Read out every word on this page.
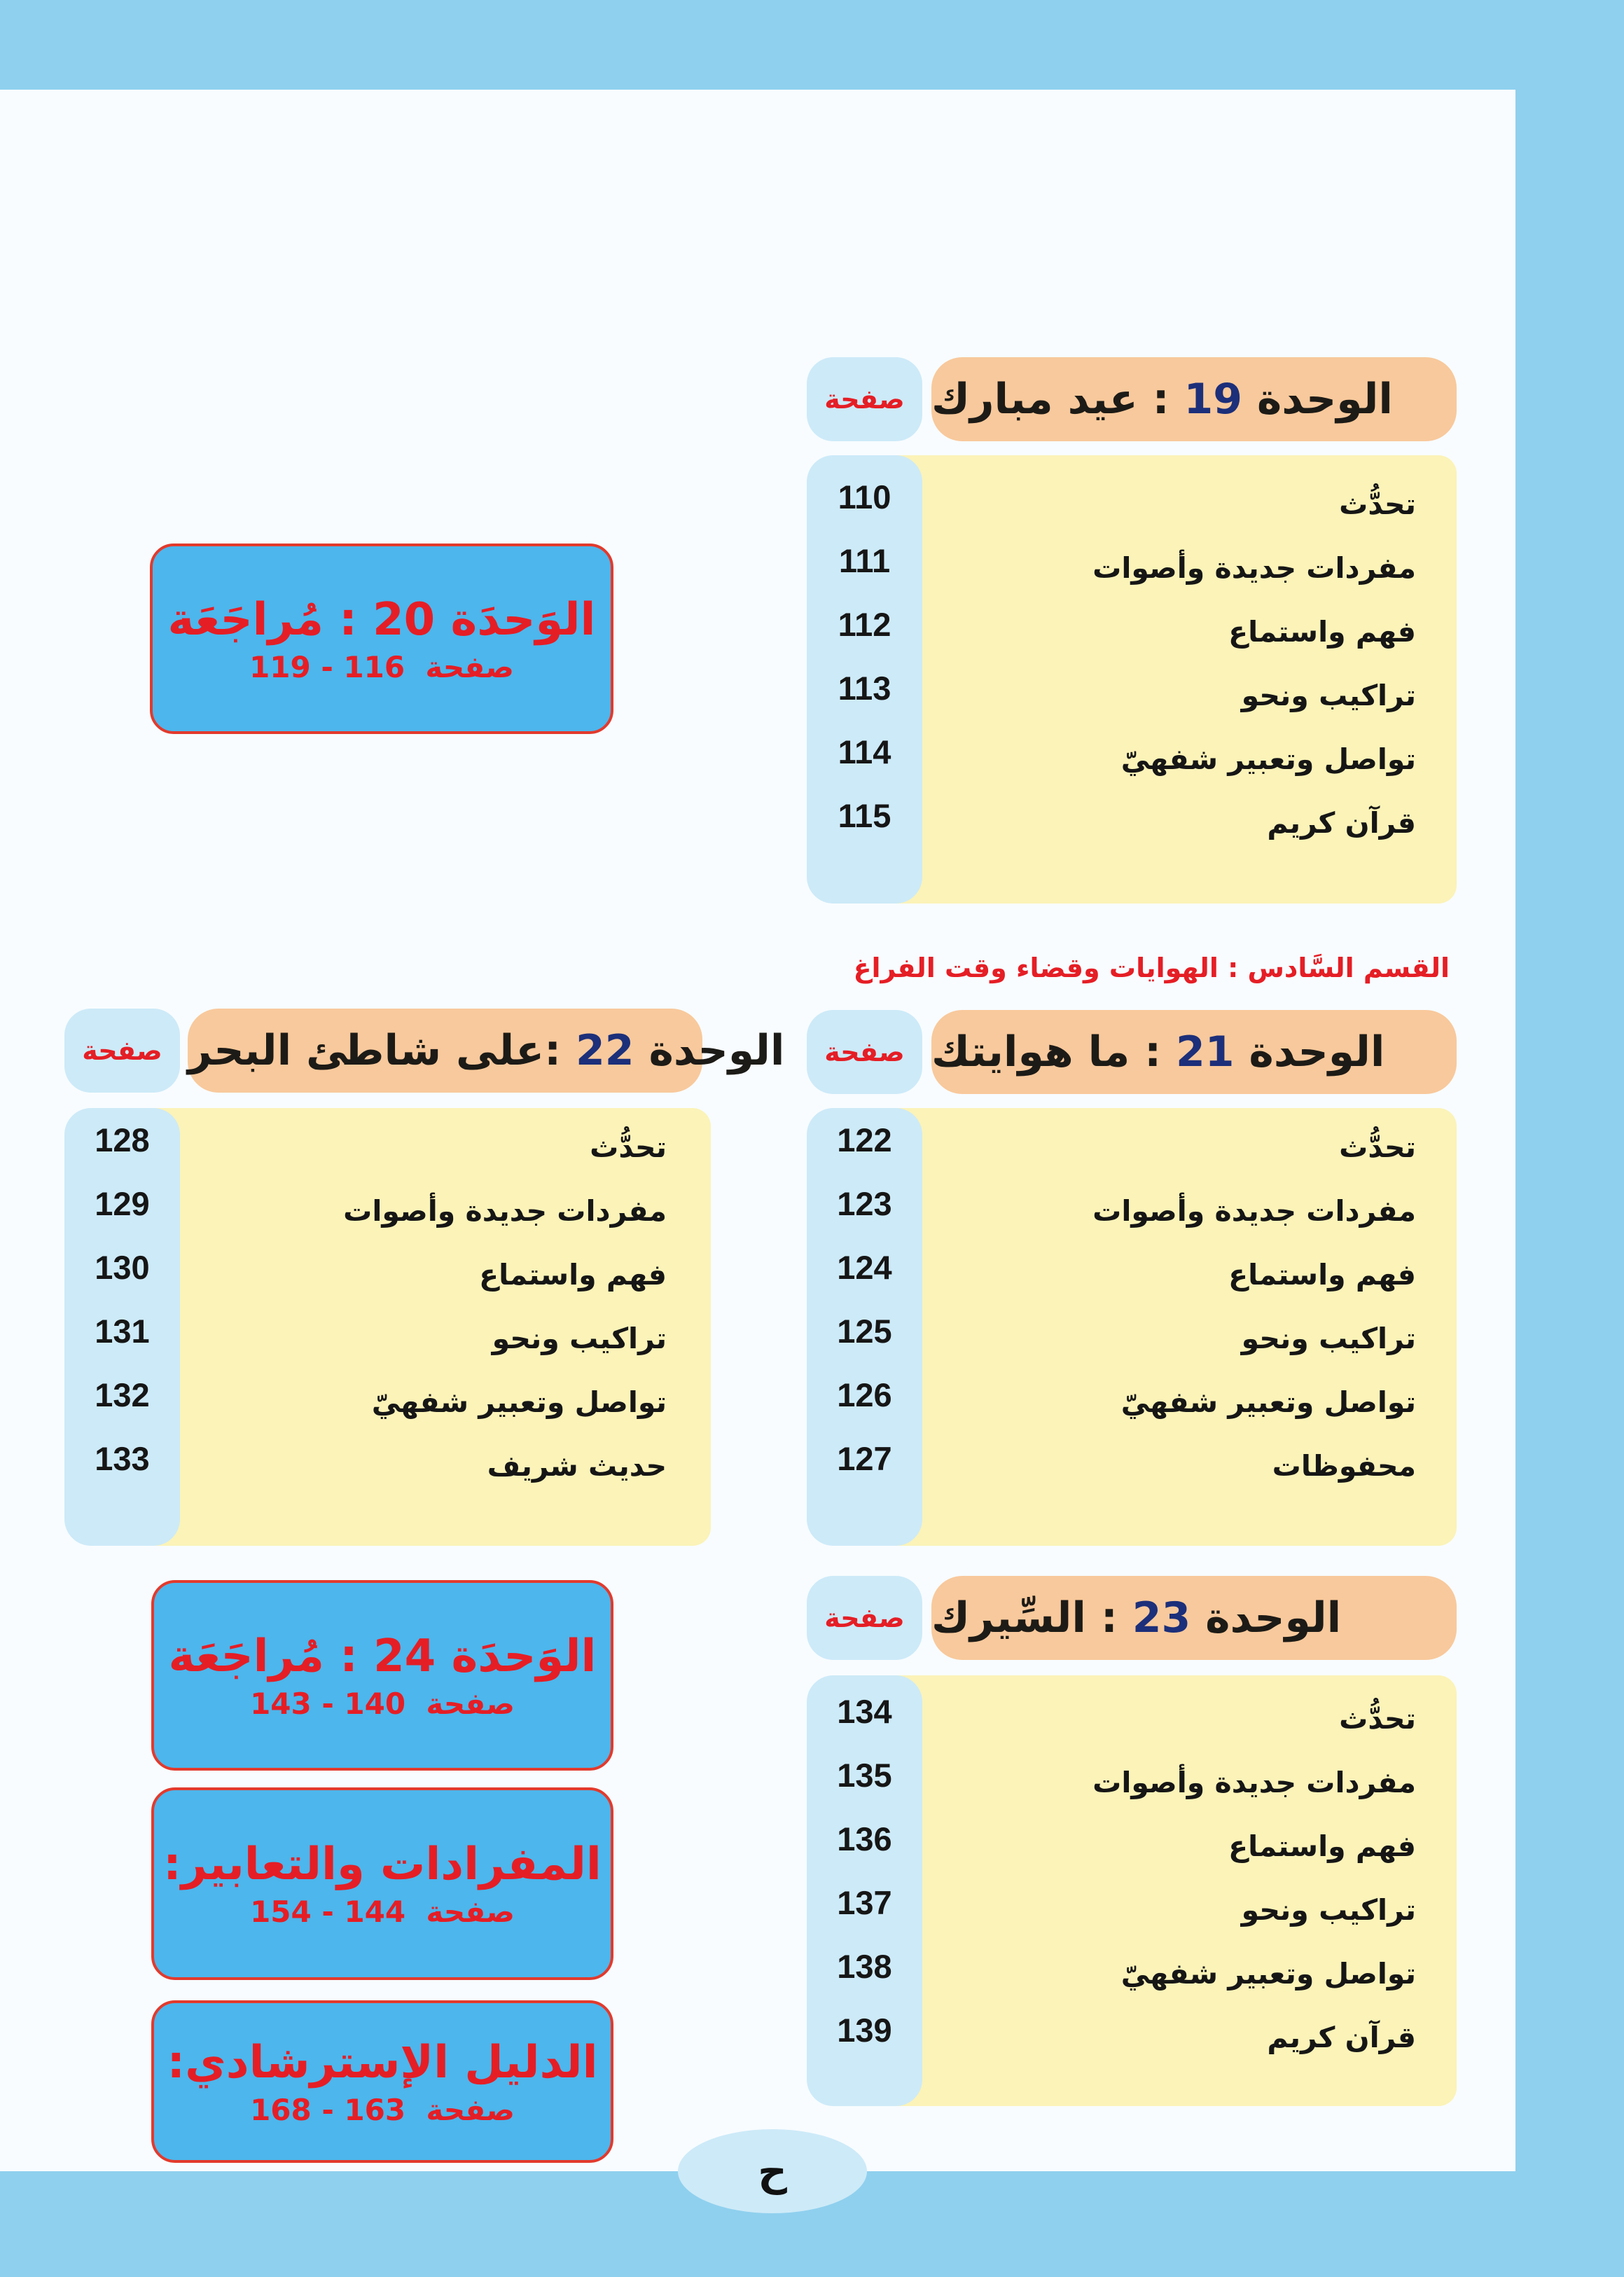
الوحدة 19 : عيد مبارك
صفحة
110	تحدُّث
111	مفردات جديدة وأصوات
112	فهم واستماع
113	تراكيب ونحو
114	تواصل وتعبير شفهيّ
115	قرآن كريم
الوَحدَة 20 : مُراجَعَة
صفحة  116 - 119
القسم السَّادس : الهوايات وقضاء وقت الفراغ
الوحدة 21 : ما هوايتك
صفحة
122	تحدُّث
123	مفردات جديدة وأصوات
124	فهم واستماع
125	تراكيب ونحو
126	تواصل وتعبير شفهيّ
127	محفوظات
الوحدة 22 :على شاطئ البحر
صفحة
128	تحدُّث
129	مفردات جديدة وأصوات
130	فهم واستماع
131	تراكيب ونحو
132	تواصل وتعبير شفهيّ
133	حديث شريف
الوحدة 23 : السِّيرك
صفحة
134	تحدُّث
135	مفردات جديدة وأصوات
136	فهم واستماع
137	تراكيب ونحو
138	تواصل وتعبير شفهيّ
139	قرآن كريم
الوَحدَة 24 : مُراجَعَة
صفحة  140 - 143
المفرادات والتعابير:
صفحة  144 - 154
الدليل الإسترشادي:
صفحة  163 - 168
ح
